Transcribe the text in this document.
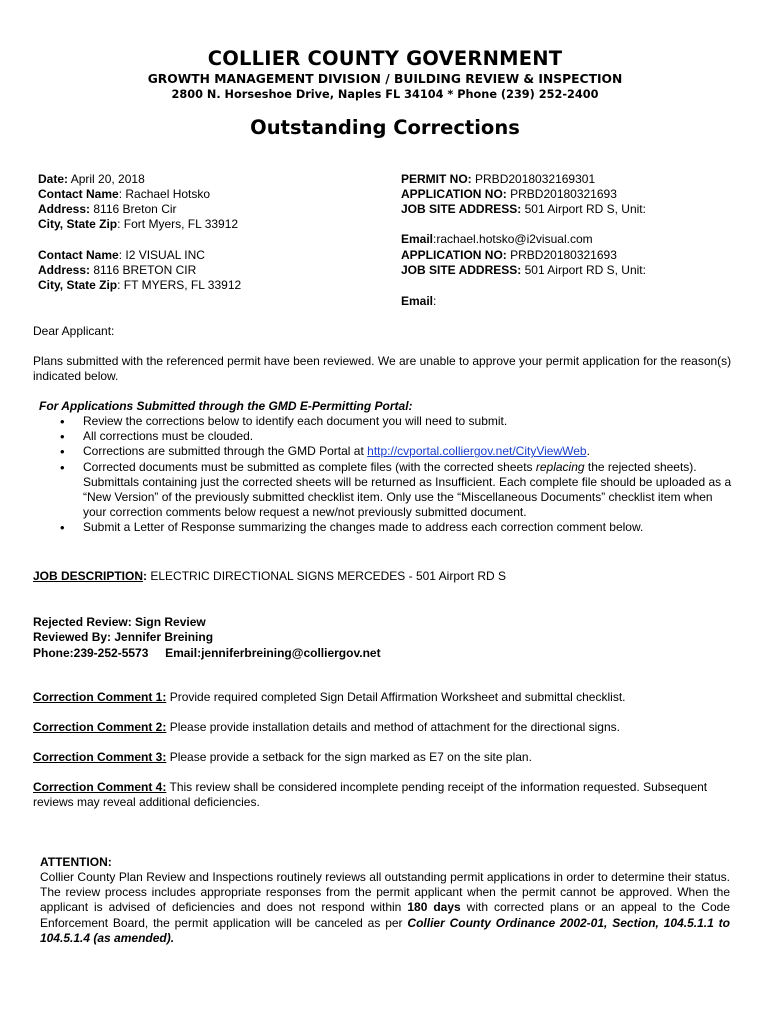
COLLIER COUNTY GOVERNMENT
GROWTH MANAGEMENT DIVISION / BUILDING REVIEW & INSPECTION
2800 N. Horseshoe Drive, Naples FL 34104 * Phone (239) 252-2400
Outstanding Corrections
Date: April 20, 2018
Contact Name: Rachael Hotsko
Address: 8116 Breton Cir
City, State Zip: Fort Myers, FL 33912
Contact Name: I2 VISUAL INC
Address: 8116 BRETON CIR
City, State Zip: FT MYERS, FL 33912
PERMIT NO: PRBD2018032169301
APPLICATION NO: PRBD20180321693
JOB SITE ADDRESS: 501 Airport RD S, Unit:
Email:rachael.hotsko@i2visual.com
APPLICATION NO: PRBD20180321693
JOB SITE ADDRESS: 501 Airport RD S, Unit:
Email:
Dear Applicant:
Plans submitted with the referenced permit have been reviewed. We are unable to approve your permit application for the reason(s) indicated below.
For Applications Submitted through the GMD E-Permitting Portal:
• Review the corrections below to identify each document you will need to submit.
• All corrections must be clouded.
• Corrections are submitted through the GMD Portal at http://cvportal.colliergov.net/CityViewWeb.
• Corrected documents must be submitted as complete files (with the corrected sheets replacing the rejected sheets). Submittals containing just the corrected sheets will be returned as Insufficient. Each complete file should be uploaded as a “New Version” of the previously submitted checklist item. Only use the “Miscellaneous Documents” checklist item when your correction comments below request a new/not previously submitted document.
• Submit a Letter of Response summarizing the changes made to address each correction comment below.
JOB DESCRIPTION: ELECTRIC DIRECTIONAL SIGNS MERCEDES - 501 Airport RD S
Rejected Review: Sign Review
Reviewed By: Jennifer Breining
Phone:239-252-5573     Email:jenniferbreining@colliergov.net
Correction Comment 1: Provide required completed Sign Detail Affirmation Worksheet and submittal checklist.
Correction Comment 2: Please provide installation details and method of attachment for the directional signs.
Correction Comment 3: Please provide a setback for the sign marked as E7 on the site plan.
Correction Comment 4: This review shall be considered incomplete pending receipt of the information requested. Subsequent reviews may reveal additional deficiencies.
ATTENTION:
Collier County Plan Review and Inspections routinely reviews all outstanding permit applications in order to determine their status. The review process includes appropriate responses from the permit applicant when the permit cannot be approved. When the applicant is advised of deficiencies and does not respond within 180 days with corrected plans or an appeal to the Code Enforcement Board, the permit application will be canceled as per Collier County Ordinance 2002-01, Section, 104.5.1.1 to 104.5.1.4 (as amended).
